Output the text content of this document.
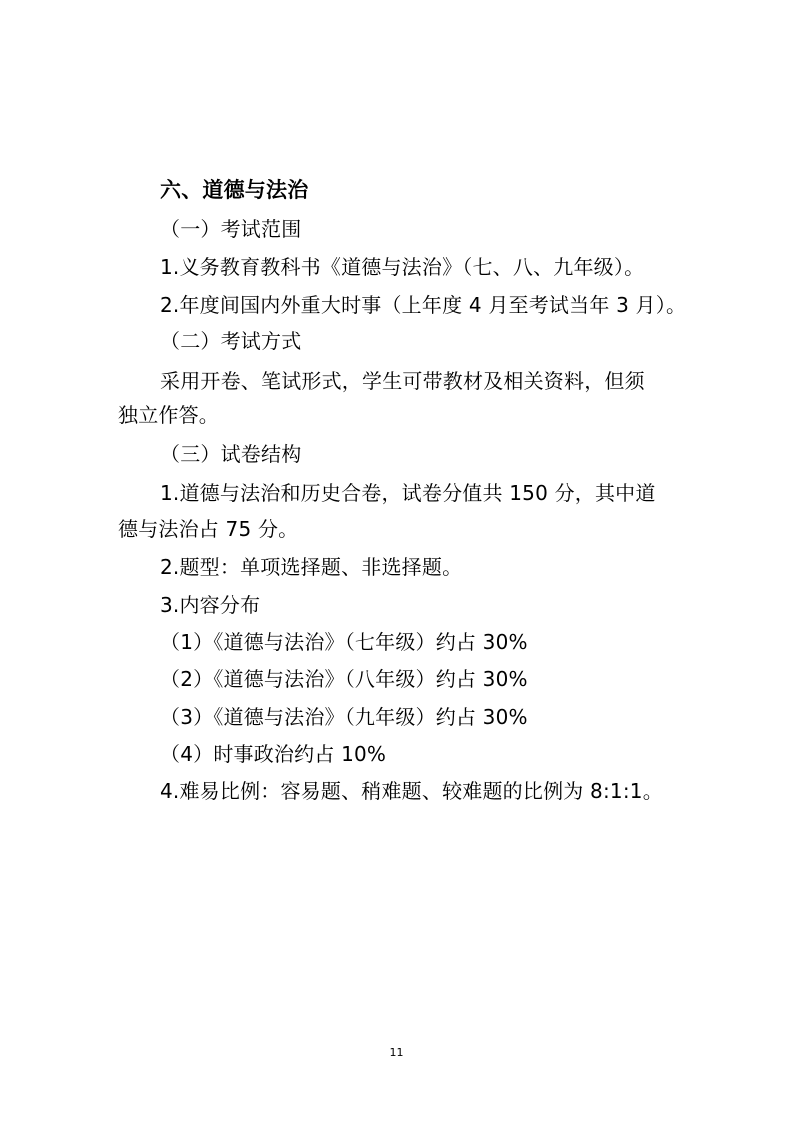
六、道德与法治
（一）考试范围
1.义务教育教科书《道德与法治》（七、八、九年级）。
2.年度间国内外重大时事（上年度 4 月至考试当年 3 月）。
（二）考试方式
采用开卷、笔试形式，学生可带教材及相关资料，但须
独立作答。
（三）试卷结构
1.道德与法治和历史合卷，试卷分值共 150 分，其中道
德与法治占 75 分。
2.题型：单项选择题、非选择题。
3.内容分布
（1）《道德与法治》（七年级）约占 30%
（2）《道德与法治》（八年级）约占 30%
（3）《道德与法治》（九年级）约占 30%
（4）时事政治约占 10%
4.难易比例：容易题、稍难题、较难题的比例为 8:1:1。
11
